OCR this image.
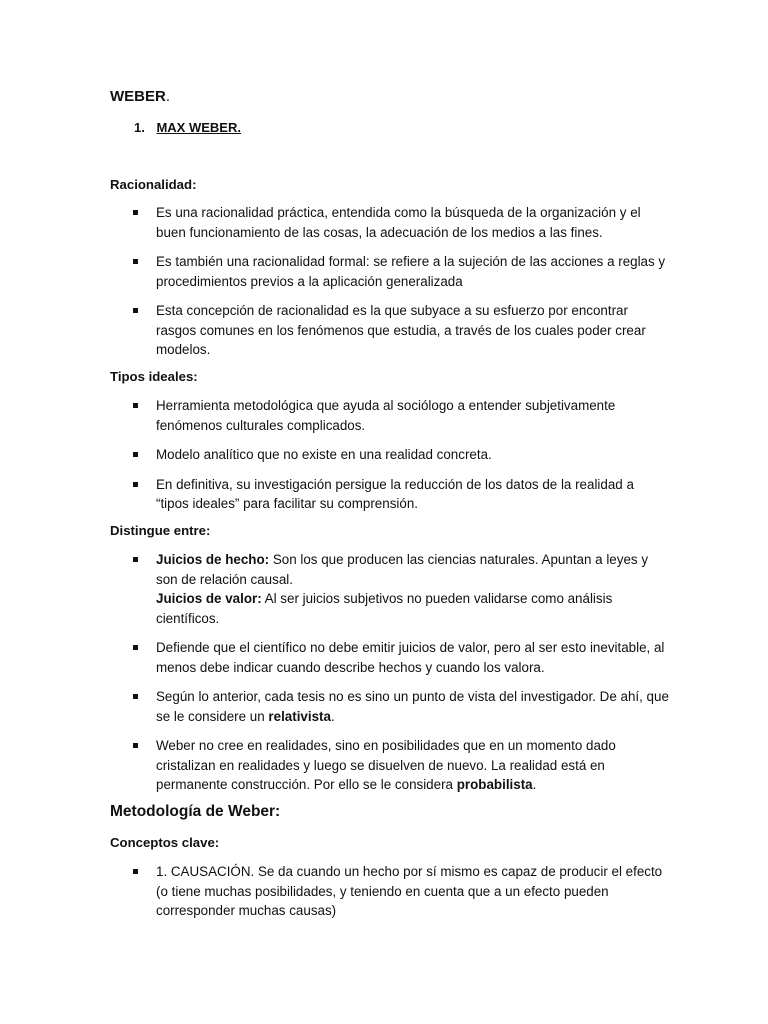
WEBER.
1. MAX WEBER.
Racionalidad:
Es una racionalidad práctica, entendida como la búsqueda de la organización y el buen funcionamiento de las cosas, la adecuación de los medios a las fines.
Es también una racionalidad formal: se refiere a la sujeción de las acciones a reglas y procedimientos previos a la aplicación generalizada
Esta concepción de racionalidad es la que subyace a su esfuerzo por encontrar rasgos comunes en los fenómenos que estudia, a través de los cuales poder crear modelos.
Tipos ideales:
Herramienta metodológica que ayuda al sociólogo a entender subjetivamente fenómenos culturales complicados.
Modelo analítico que no existe en una realidad concreta.
En definitiva, su investigación persigue la reducción de los datos de la realidad a “tipos ideales” para facilitar su comprensión.
Distingue entre:
Juicios de hecho: Son los que producen las ciencias naturales. Apuntan a leyes y son de relación causal.
Juicios de valor: Al ser juicios subjetivos no pueden validarse como análisis científicos.
Defiende que el científico no debe emitir juicios de valor, pero al ser esto inevitable, al menos debe indicar cuando describe hechos y cuando los valora.
Según lo anterior, cada tesis no es sino un punto de vista del investigador. De ahí, que se le considere un relativista.
Weber no cree en realidades, sino en posibilidades que en un momento dado cristalizan en realidades y luego se disuelven de nuevo. La realidad está en permanente construcción. Por ello se le considera probabilista.
Metodología de Weber:
Conceptos clave:
1. CAUSACIÓN. Se da cuando un hecho por sí mismo es capaz de producir el efecto (o tiene muchas posibilidades, y teniendo en cuenta que a un efecto pueden corresponder muchas causas)
